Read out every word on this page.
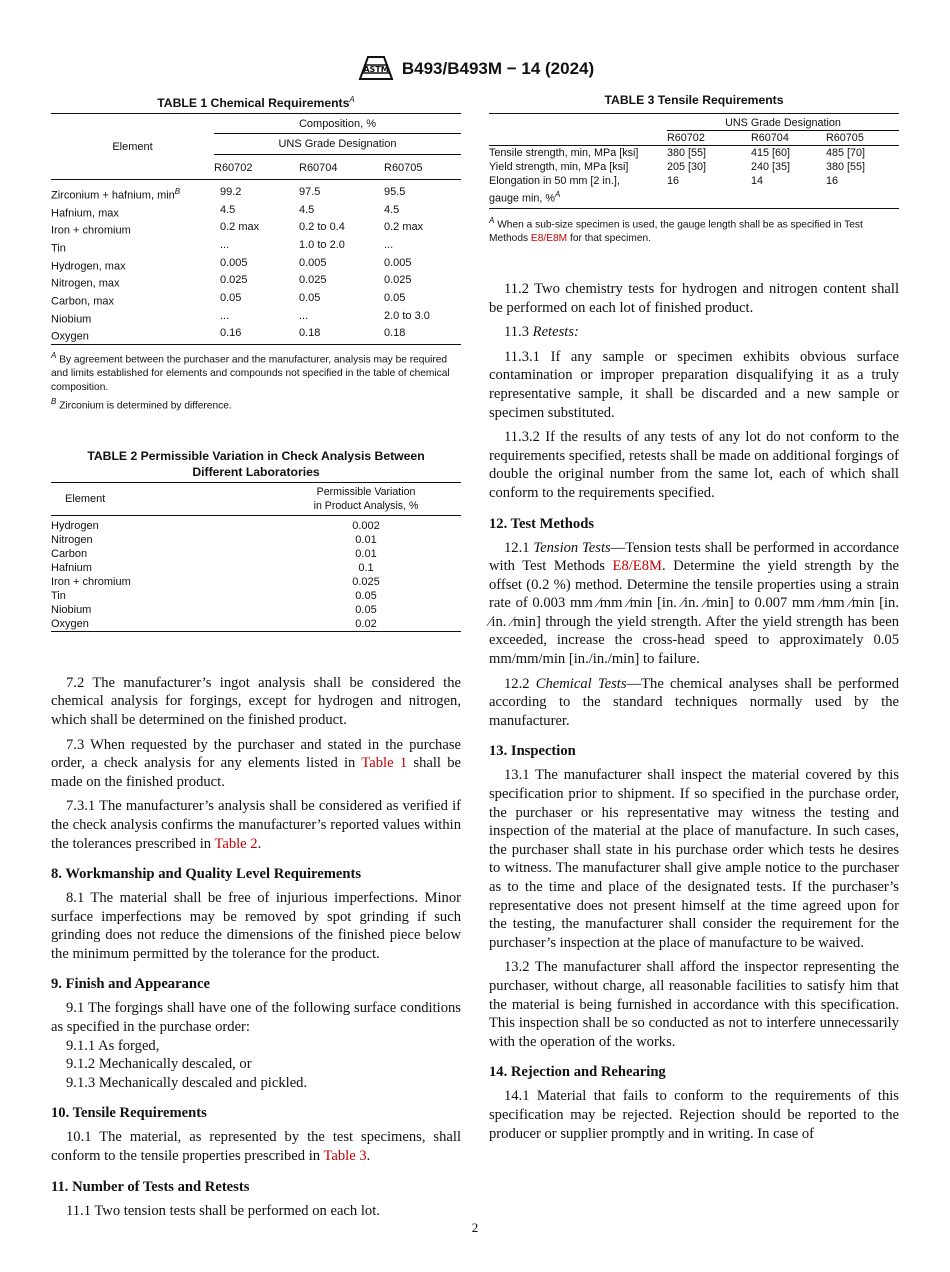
ASTM B493/B493M − 14 (2024)
TABLE 1 Chemical Requirements$^A$
Element	Composition, %		
	UNS Grade Designation		
	R60702	R60704	R60705
Zirconium + hafnium, $\min^B$	99.2	97.5	95.5
Hafnium, max	4.5	4.5	4.5
Iron + chromium	0.2 max	0.2 to 0.4	0.2 max
Tin	...	1.0 to 2.0	...
Hydrogen, max	0.005	0.005	0.005
Nitrogen, max	0.025	0.025	0.025
Carbon, max	0.05	0.05	0.05
Niobium	...	...	2.0 to 3.0
Oxygen	0.16	0.18	0.18
$^A$ By agreement between the purchaser and the manufacturer, analysis may be required and limits established for elements and compounds not specified in the table of chemical composition.
$^B$ Zirconium is determined by difference.
TABLE 2 Permissible Variation in Check Analysis Between
Different Laboratories
Element	Permissible Variation
in Product Analysis, %

Hydrogen	0.002
Nitrogen	0.01
Carbon	0.01
Hafnium	0.1
Iron + chromium	0.025
Tin	0.05
Niobium	0.05
Oxygen	0.02

7.2 The manufacturer’s ingot analysis shall be considered the chemical analysis for forgings, except for hydrogen and nitrogen, which shall be determined on the finished product.

7.3 When requested by the purchaser and stated in the purchase order, a check analysis for any elements listed in Table 1 shall be made on the finished product.

7.3.1 The manufacturer’s analysis shall be considered as verified if the check analysis confirms the manufacturer’s reported values within the tolerances prescribed in Table 2.

8. Workmanship and Quality Level Requirements

8.1 The material shall be free of injurious imperfections. Minor surface imperfections may be removed by spot grinding if such grinding does not reduce the dimensions of the finished piece below the minimum permitted by the tolerance for the product.

9. Finish and Appearance

9.1 The forgings shall have one of the following surface conditions as specified in the purchase order:

9.1.1 As forged,

9.1.2 Mechanically descaled, or

9.1.3 Mechanically descaled and pickled.

10. Tensile Requirements

10.1 The material, as represented by the test specimens, shall conform to the tensile properties prescribed in Table 3.

11. Number of Tests and Retests

11.1 Two tension tests shall be performed on each lot.

TABLE 3 Tensile Requirements
	UNS Grade Designation		
	R60702	R60704	R60705
Tensile strength, min, MPa [ksi]	380 [55]	415 [60]	485 [70]
Yield strength, min, MPa [ksi]	205 [30]	240 [35]	380 [55]

Elongation in 50 mm [2 in.],
gauge min, %$^A$	16	14	16
$^A$ When a sub-size specimen is used, the gauge length shall be as specified in Test Methods E8/E8M for that specimen.

11.2 Two chemistry tests for hydrogen and nitrogen content shall be performed on each lot of finished product.

11.3 Retests:

11.3.1 If any sample or specimen exhibits obvious surface contamination or improper preparation disqualifying it as a truly representative sample, it shall be discarded and a new sample or specimen substituted.

11.3.2 If the results of any tests of any lot do not conform to the requirements specified, retests shall be made on additional forgings of double the original number from the same lot, each of which shall conform to the requirements specified.

12. Test Methods

12.1 Tension Tests—Tension tests shall be performed in accordance with Test Methods E8/E8M. Determine the yield strength by the offset (0.2 %) method. Determine the tensile properties using a strain rate of 0.003 mm ⁄mm ⁄min [in. ⁄in. ⁄min] to 0.007 mm ⁄mm ⁄min [in. ⁄in. ⁄min] through the yield strength. After the yield strength has been exceeded, increase the cross-head speed to approximately 0.05 mm/mm/min [in./in./min] to failure.

12.2 Chemical Tests—The chemical analyses shall be performed according to the standard techniques normally used by the manufacturer.

13. Inspection

13.1 The manufacturer shall inspect the material covered by this specification prior to shipment. If so specified in the purchase order, the purchaser or his representative may witness the testing and inspection of the material at the place of manufacture. In such cases, the purchaser shall state in his purchase order which tests he desires to witness. The manufacturer shall give ample notice to the purchaser as to the time and place of the designated tests. If the purchaser’s representative does not present himself at the time agreed upon for the testing, the manufacturer shall consider the requirement for the purchaser’s inspection at the place of manufacture to be waived.

13.2 The manufacturer shall afford the inspector representing the purchaser, without charge, all reasonable facilities to satisfy him that the material is being furnished in accordance with this specification. This inspection shall be so conducted as not to interfere unnecessarily with the operation of the works.

14. Rejection and Rehearing

14.1 Material that fails to conform to the requirements of this specification may be rejected. Rejection should be reported to the producer or supplier promptly and in writing. In case of

2
